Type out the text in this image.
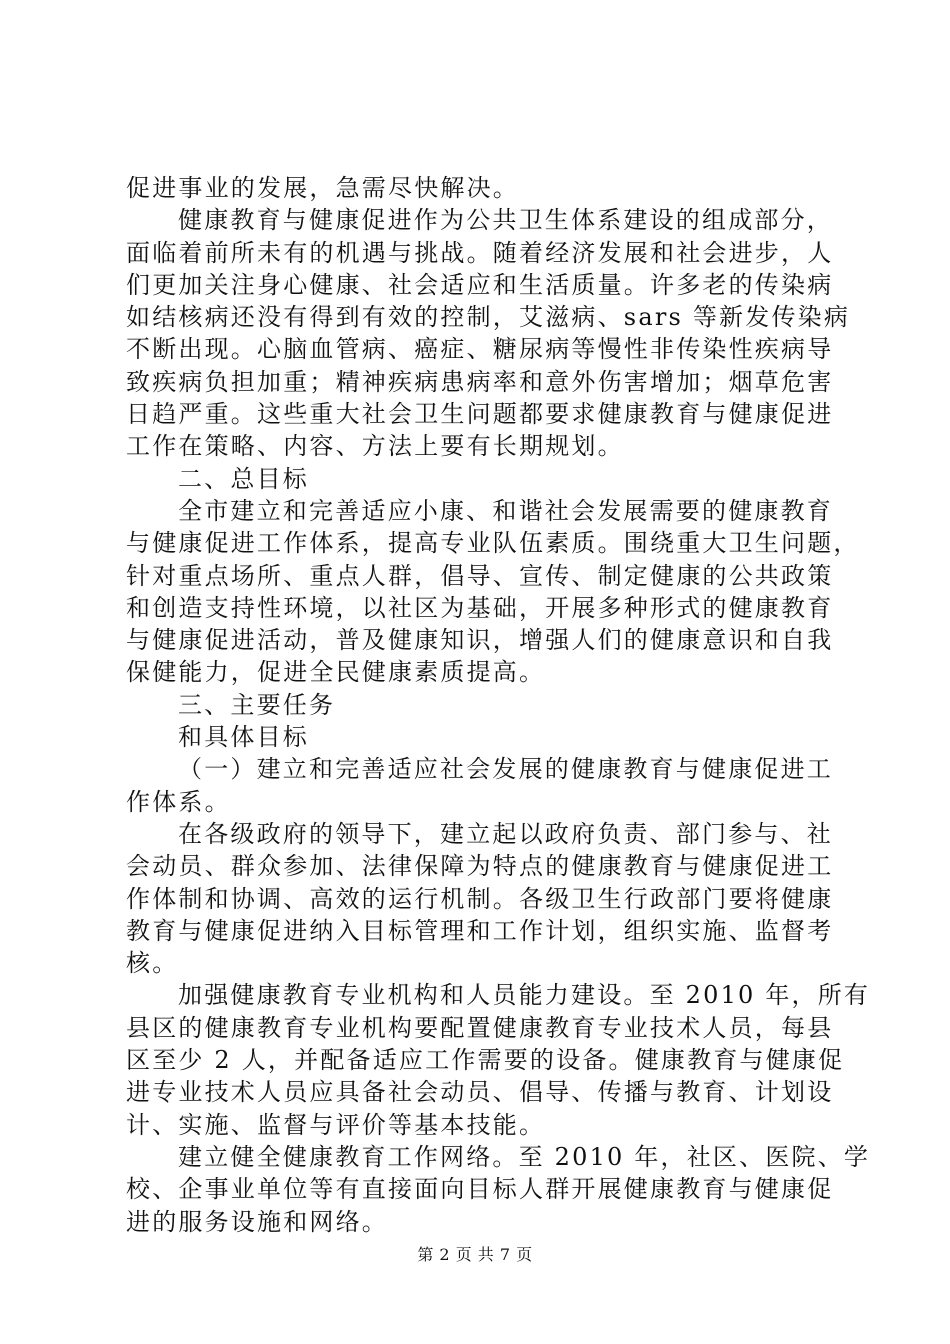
促进事业的发展，急需尽快解决。
健康教育与健康促进作为公共卫生体系建设的组成部分，
面临着前所未有的机遇与挑战。随着经济发展和社会进步，人
们更加关注身心健康、社会适应和生活质量。许多老的传染病
如结核病还没有得到有效的控制，艾滋病、sars 等新发传染病
不断出现。心脑血管病、癌症、糖尿病等慢性非传染性疾病导
致疾病负担加重；精神疾病患病率和意外伤害增加；烟草危害
日趋严重。这些重大社会卫生问题都要求健康教育与健康促进
工作在策略、内容、方法上要有长期规划。
二、总目标
全市建立和完善适应小康、和谐社会发展需要的健康教育
与健康促进工作体系，提高专业队伍素质。围绕重大卫生问题，
针对重点场所、重点人群，倡导、宣传、制定健康的公共政策
和创造支持性环境，以社区为基础，开展多种形式的健康教育
与健康促进活动，普及健康知识，增强人们的健康意识和自我
保健能力，促进全民健康素质提高。
三、主要任务
和具体目标
（一）建立和完善适应社会发展的健康教育与健康促进工
作体系。
在各级政府的领导下，建立起以政府负责、部门参与、社
会动员、群众参加、法律保障为特点的健康教育与健康促进工
作体制和协调、高效的运行机制。各级卫生行政部门要将健康
教育与健康促进纳入目标管理和工作计划，组织实施、监督考
核。
加强健康教育专业机构和人员能力建设。至 2010 年，所有
县区的健康教育专业机构要配置健康教育专业技术人员，每县
区至少 2 人，并配备适应工作需要的设备。健康教育与健康促
进专业技术人员应具备社会动员、倡导、传播与教育、计划设
计、实施、监督与评价等基本技能。
建立健全健康教育工作网络。至 2010 年，社区、医院、学
校、企事业单位等有直接面向目标人群开展健康教育与健康促
进的服务设施和网络。
第 2 页 共 7 页
